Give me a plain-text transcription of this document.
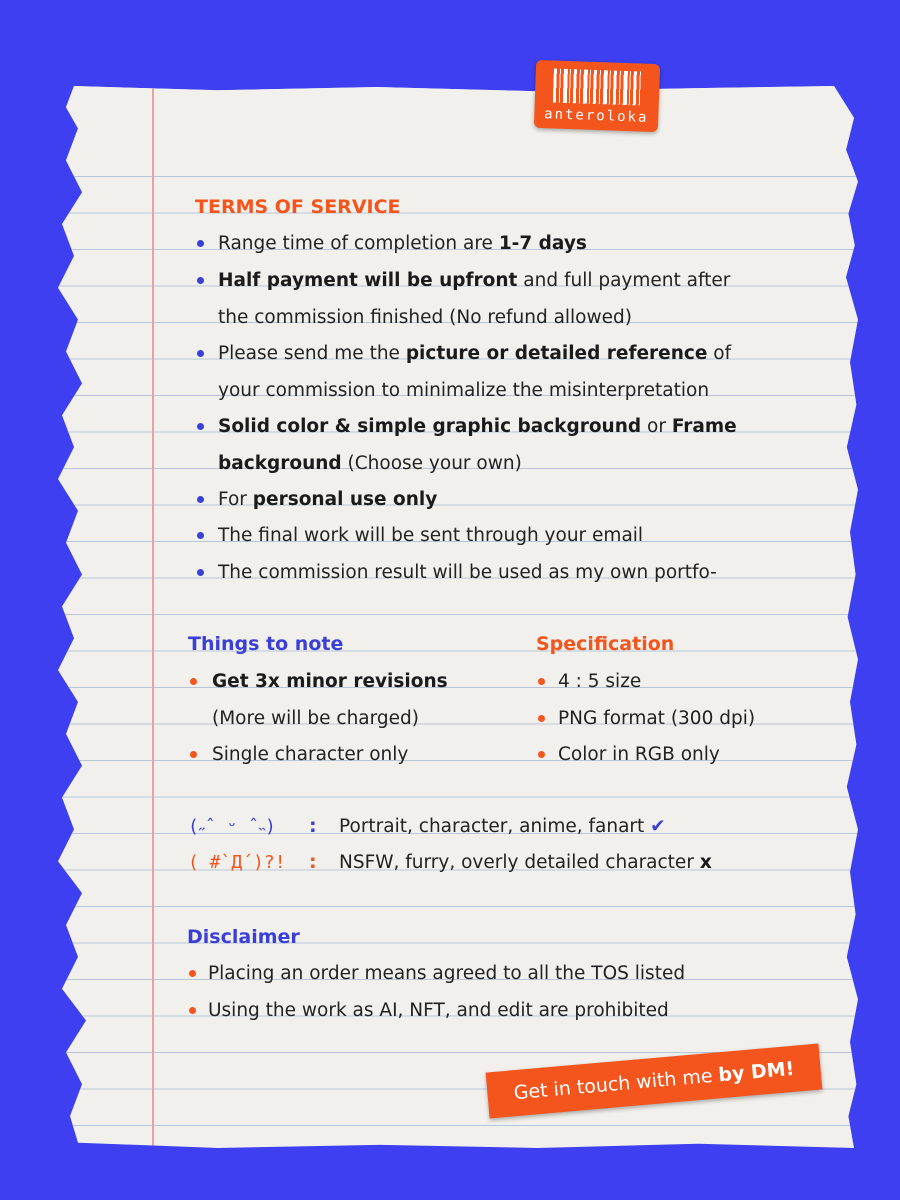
anteroloka
TERMS OF SERVICE
Range time of completion are 1-7 days
Half payment will be upfront and full payment after
the commission finished (No refund allowed)
Please send me the picture or detailed reference of
your commission to minimalize the misinterpretation
Solid color & simple graphic background or Frame
background (Choose your own)
For personal use only
The final work will be sent through your email
The commission result will be used as my own portfo-
Things to note
Get 3x minor revisions
(More will be charged)
Single character only
Specification
4 : 5 size
PNG format (300 dpi)
Color in RGB only
(˶ˆ ᵕ ˆ˵) : Portrait, character, anime, fanart ✔
( #`Д´)?! : NSFW, furry, overly detailed character x
Disclaimer
Placing an order means agreed to all the TOS listed
Using the work as AI, NFT, and edit are prohibited
Get in touch with me by DM!
